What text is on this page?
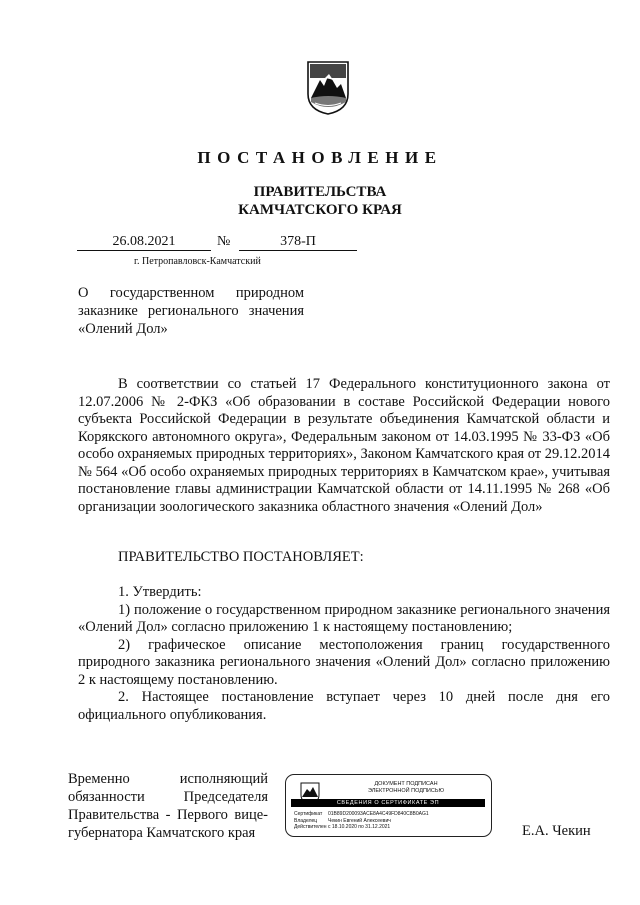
ПОСТАНОВЛЕНИЕ
ПРАВИТЕЛЬСТВА
КАМЧАТСКОГО КРАЯ
26.08.2021	№	378-П
г. Петропавловск-Камчатский
О государственном природном заказнике регионального значения «Олений Дол»

В соответствии со статьей 17 Федерального конституционного закона от 12.07.2006 № 2-ФКЗ «Об образовании в составе Российской Федерации нового субъекта Российской Федерации в результате объединения Камчатской области и Корякского автономного округа», Федеральным законом от 14.03.1995 № 33-ФЗ «Об особо охраняемых природных территориях», Законом Камчатского края от 29.12.2014 № 564 «Об особо охраняемых природных территориях в Камчатском крае», учитывая постановление главы администрации Камчатской области от 14.11.1995 № 268 «Об организации зоологического заказника областного значения «Олений Дол»

ПРАВИТЕЛЬСТВО ПОСТАНОВЛЯЕТ:

1. Утвердить:

1) положение о государственном природном заказнике регионального значения «Олений Дол» согласно приложению 1 к настоящему постановлению;

2) графическое описание местоположения границ государственного природного заказника регионального значения «Олений Дол» согласно приложению 2 к настоящему постановлению.

2. Настоящее постановление вступает через 10 дней после дня его официального опубликования.

Временно исполняющий
обязанности Председателя
Правительства - Первого вице-
губернатора Камчатского края
ДОКУМЕНТ ПОДПИСАН
ЭЛЕКТРОННОЙ ПОДПИСЬЮ
СВЕДЕНИЯ О СЕРТИФИКАТЕ ЭП
Сертификат 01B89D200093ACE8A4C49FD840C8B0AG1
Владелец Чекин Евгений Алексеевич
Действителенс 18.10.2020 по 31.12.2021	Е.А. Чекин
